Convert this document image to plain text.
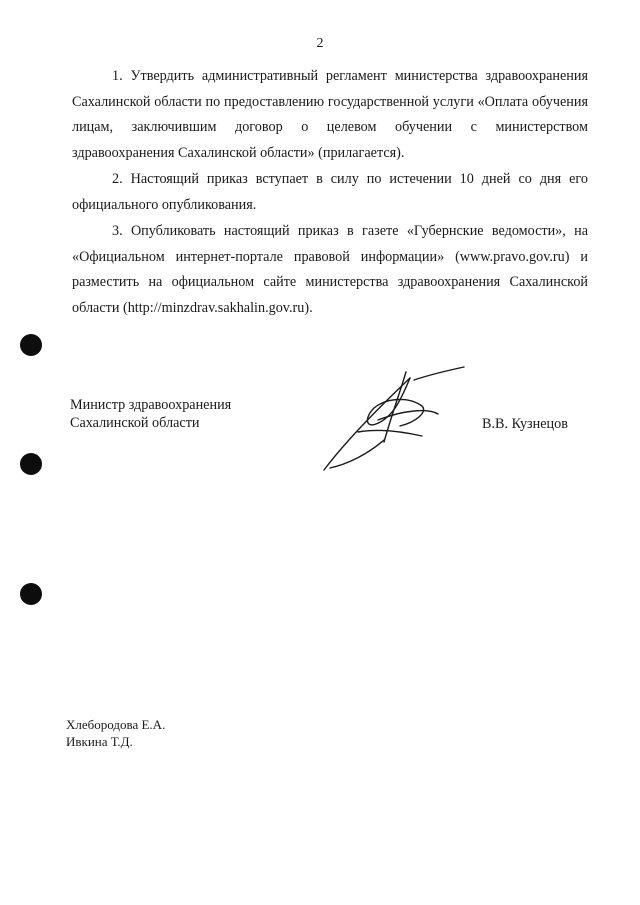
2
1. Утвердить административный регламент министерства здравоохранения Сахалинской области по предоставлению государственной услуги «Оплата обучения лицам, заключившим договор о целевом обучении с министерством здравоохранения Сахалинской области» (прилагается).
2. Настоящий приказ вступает в силу по истечении 10 дней со дня его официального опубликования.
3. Опубликовать настоящий приказ в газете «Губернские ведомости», на «Официальном интернет-портале правовой информации» (www.pravo.gov.ru) и разместить на официальном сайте министерства здравоохранения Сахалинской области (http://minzdrav.sakhalin.gov.ru).
Министр здравоохранения
Сахалинской области	В.В. Кузнецов
Хлебородова Е.А.
Ивкина Т.Д.
